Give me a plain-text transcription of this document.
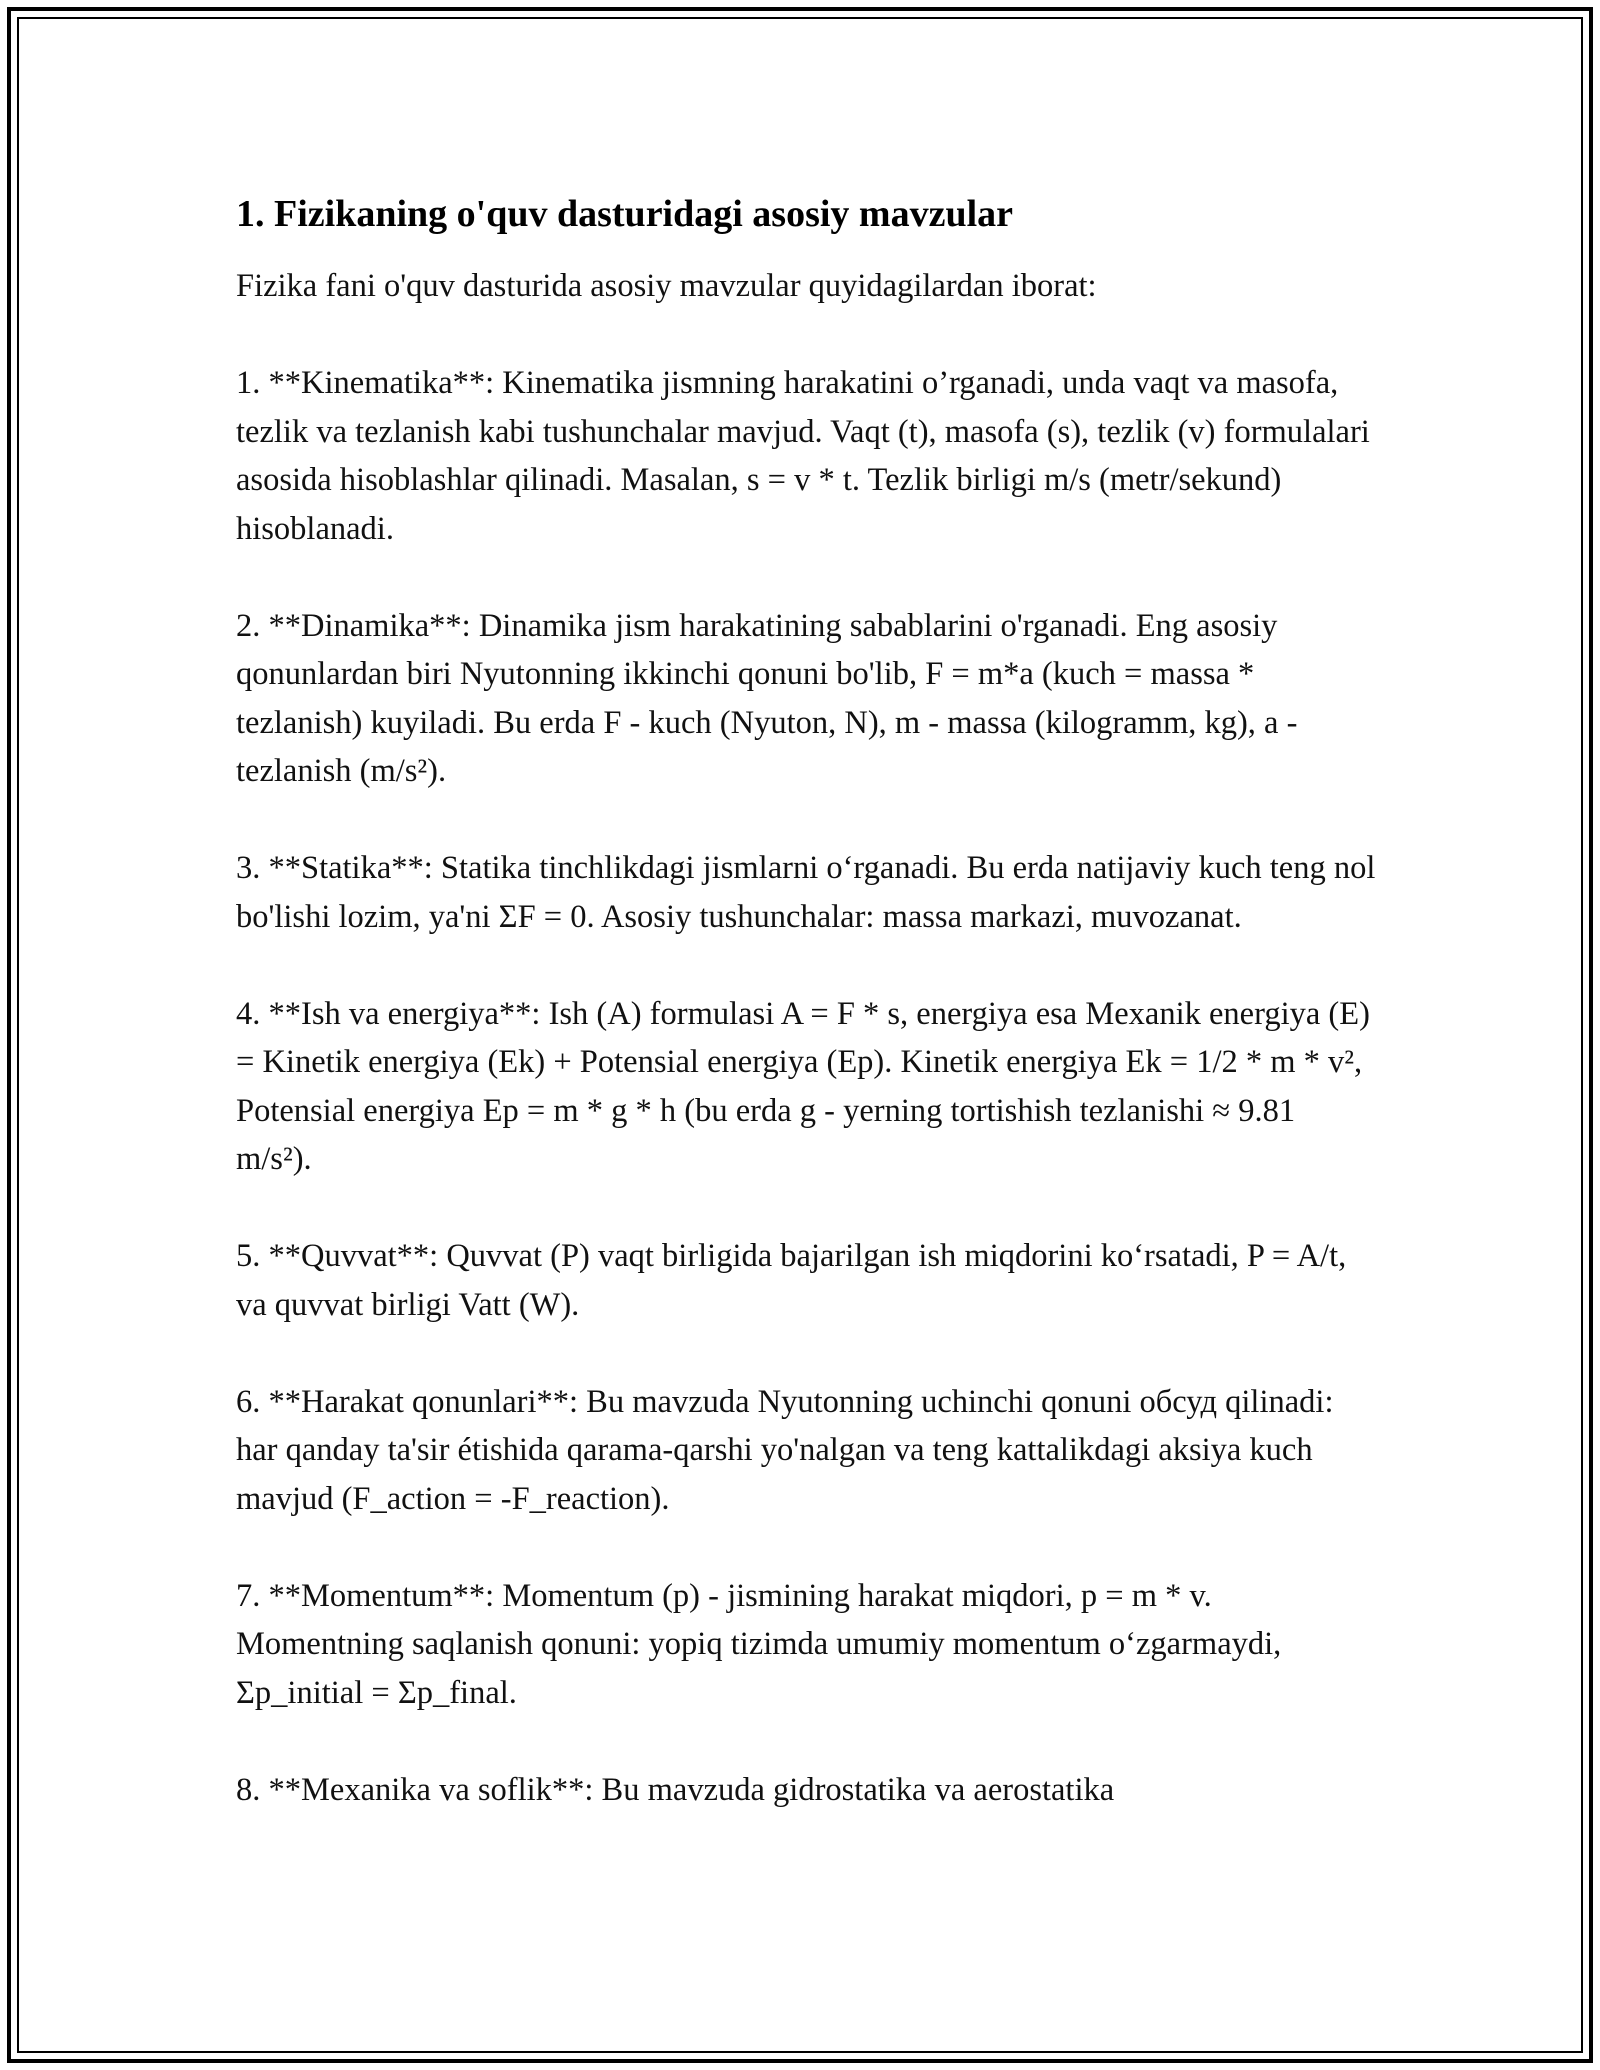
1. Fizikaning o'quv dasturidagi asosiy mavzular

Fizika fani o'quv dasturida asosiy mavzular quyidagilardan iborat:

1. **Kinematika**: Kinematika jismning harakatini o’rganadi, unda vaqt va masofa, tezlik va tezlanish kabi tushunchalar mavjud. Vaqt (t), masofa (s), tezlik (v) formulalari asosida hisoblashlar qilinadi. Masalan, s = v * t. Tezlik birligi m/s (metr/sekund) hisoblanadi.

2. **Dinamika**: Dinamika jism harakatining sabablarini o'rganadi. Eng asosiy qonunlardan biri Nyutonning ikkinchi qonuni bo'lib, F = m*a (kuch = massa * tezlanish) kuyiladi. Bu erda F - kuch (Nyuton, N), m - massa (kilogramm, kg), a - tezlanish (m/s²).

3. **Statika**: Statika tinchlikdagi jismlarni o‘rganadi. Bu erda natijaviy kuch teng nol bo'lishi lozim, ya'ni ΣF = 0. Asosiy tushunchalar: massa markazi, muvozanat.

4. **Ish va energiya**: Ish (A) formulasi A = F * s, energiya esa Mexanik energiya (E) = Kinetik energiya (Ek) + Potensial energiya (Ep). Kinetik energiya Ek = 1/2 * m * v², Potensial energiya Ep = m * g * h (bu erda g - yerning tortishish tezlanishi ≈ 9.81 m/s²).

5. **Quvvat**: Quvvat (P) vaqt birligida bajarilgan ish miqdorini ko‘rsatadi, P = A/t, va quvvat birligi Vatt (W).

6. **Harakat qonunlari**: Bu mavzuda Nyutonning uchinchi qonuni обсуд qilinadi: har qanday ta'sir étishida qarama-qarshi yo'nalgan va teng kattalikdagi aksiya kuch mavjud (F_action = -F_reaction).

7. **Momentum**: Momentum (p) - jismining harakat miqdori, p = m * v. Momentning saqlanish qonuni: yopiq tizimda umumiy momentum o‘zgarmaydi, Σp_initial = Σp_final.

8. **Mexanika va soflik**: Bu mavzuda gidrostatika va aerostatika
